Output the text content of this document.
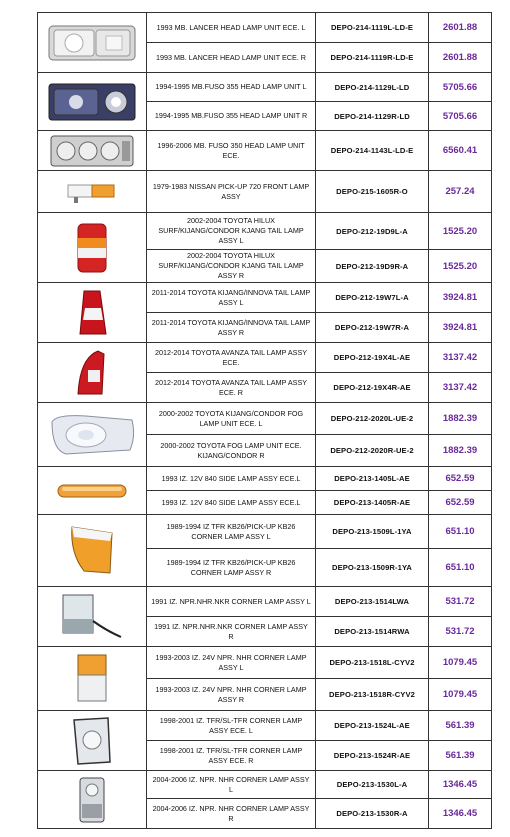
	1993 MB. LANCER HEAD LAMP UNIT ECE. L	DEPO-214-1119L-LD-E	2601.88
	1993 MB. LANCER HEAD LAMP UNIT ECE. R	DEPO-214-1119R-LD-E	2601.88

	1994-1995 MB.FUSO 355 HEAD LAMP UNIT L	DEPO-214-1129L-LD	5705.66
	1994-1995 MB.FUSO 355 HEAD LAMP UNIT R	DEPO-214-1129R-LD	5705.66

	1996-2006 MB. FUSO 350 HEAD LAMP UNIT ECE.	DEPO-214-1143L-LD-E	6560.41

	1979-1983 NISSAN PICK-UP 720 FRONT LAMP ASSY	DEPO-215-1605R-O	257.24

	2002-2004 TOYOTA HILUX SURF/KIJANG/CONDOR KJANG TAIL LAMP ASSY L	DEPO-212-19D9L-A	1525.20
	2002-2004 TOYOTA HILUX SURF/KIJANG/CONDOR KJANG TAIL LAMP ASSY R	DEPO-212-19D9R-A	1525.20

	2011-2014 TOYOTA KIJANG/INNOVA TAIL LAMP ASSY L	DEPO-212-19W7L-A	3924.81
	2011-2014 TOYOTA KIJANG/INNOVA TAIL LAMP ASSY R	DEPO-212-19W7R-A	3924.81

	2012-2014 TOYOTA AVANZA TAIL LAMP ASSY ECE.	DEPO-212-19X4L-AE	3137.42
	2012-2014 TOYOTA AVANZA TAIL LAMP ASSY ECE. R	DEPO-212-19X4R-AE	3137.42

	2000-2002 TOYOTA KIJANG/CONDOR FOG LAMP UNIT ECE. L	DEPO-212-2020L-UE-2	1882.39
	2000-2002 TOYOTA FOG LAMP UNIT ECE. KIJANG/CONDOR R	DEPO-212-2020R-UE-2	1882.39

	1993 IZ. 12V 840 SIDE LAMP ASSY ECE.L	DEPO-213-1405L-AE	652.59
	1993 IZ. 12V 840 SIDE LAMP ASSY ECE.L	DEPO-213-1405R-AE	652.59

	1989-1994 IZ TFR KB26/PICK-UP KB26 CORNER LAMP ASSY L	DEPO-213-1509L-1YA	651.10
	1989-1994 IZ TFR KB26/PICK-UP KB26 CORNER LAMP ASSY R	DEPO-213-1509R-1YA	651.10

	1991 IZ. NPR.NHR.NKR CORNER LAMP ASSY L	DEPO-213-1514LWA	531.72
	1991 IZ. NPR.NHR.NKR CORNER LAMP ASSY R	DEPO-213-1514RWA	531.72

	1993-2003 IZ. 24V NPR. NHR CORNER LAMP ASSY L	DEPO-213-1518L-CYV2	1079.45
	1993-2003 IZ. 24V NPR. NHR CORNER LAMP ASSY R	DEPO-213-1518R-CYV2	1079.45

	1998-2001 IZ. TFR/SL-TFR CORNER LAMP ASSY ECE. L	DEPO-213-1524L-AE	561.39
	1998-2001 IZ. TFR/SL-TFR CORNER LAMP ASSY ECE. R	DEPO-213-1524R-AE	561.39

	2004-2006 IZ. NPR. NHR CORNER LAMP ASSY L	DEPO-213-1530L-A	1346.45
	2004-2006 IZ. NPR. NHR CORNER LAMP ASSY R	DEPO-213-1530R-A	1346.45
